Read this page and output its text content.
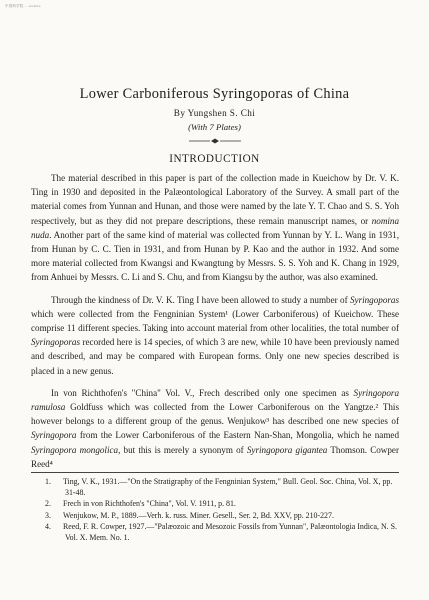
中国科学院 ... archive
Lower Carboniferous Syringoporas of China
By Yungshen S. Chi
(With 7 Plates)
INTRODUCTION

The material described in this paper is part of the collection made in Kueichow by Dr. V. K. Ting in 1930 and deposited in the Palæontological Laboratory of the Survey. A small part of the material comes from Yunnan and Hunan, and those were named by the late Y. T. Chao and S. S. Yoh respectively, but as they did not prepare descriptions, these remain manuscript names, or nomina nuda. Another part of the same kind of material was collected from Yunnan by Y. L. Wang in 1931, from Hunan by C. C. Tien in 1931, and from Hunan by P. Kao and the author in 1932. And some more material collected from Kwangsi and Kwangtung by Messrs. S. S. Yoh and K. Chang in 1929, from Anhuei by Messrs. C. Li and S. Chu, and from Kiangsu by the author, was also examined.

Through the kindness of Dr. V. K. Ting I have been allowed to study a number of Syringoporas which were collected from the Fengninian System¹ (Lower Carboniferous) of Kueichow. These comprise 11 different species. Taking into account material from other localities, the total number of Syringoporas recorded here is 14 species, of which 3 are new, while 10 have been previously named and described, and may be compared with European forms. Only one new species described is placed in a new genus.

In von Richthofen's "China" Vol. V., Frech described only one specimen as Syringopora ramulosa Goldfuss which was collected from the Lower Carboniferous on the Yangtze.² This however belongs to a different group of the genus. Wenjukow³ has described one new species of Syringopora from the Lower Carboniferous of the Eastern Nan-Shan, Mongolia, which he named Syringopora mongolica, but this is merely a synonym of Syringopora gigantea Thomson. Cowper Reed⁴

1. Ting, V. K., 1931.—"On the Stratigraphy of the Fengninian System," Bull. Geol. Soc. China, Vol. X, pp. 31-48.
2. Frech in von Richthofen's "China", Vol. V. 1911, p. 81.
3. Wenjukow, M. P., 1889.—Verh. k. russ. Miner. Gesell., Ser. 2, Bd. XXV, pp. 210-227.
4. Reed, F. R. Cowper, 1927.—"Palæozoic and Mesozoic Fossils from Yunnan", Palæontologia Indica, N. S. Vol. X. Mem. No. 1.
